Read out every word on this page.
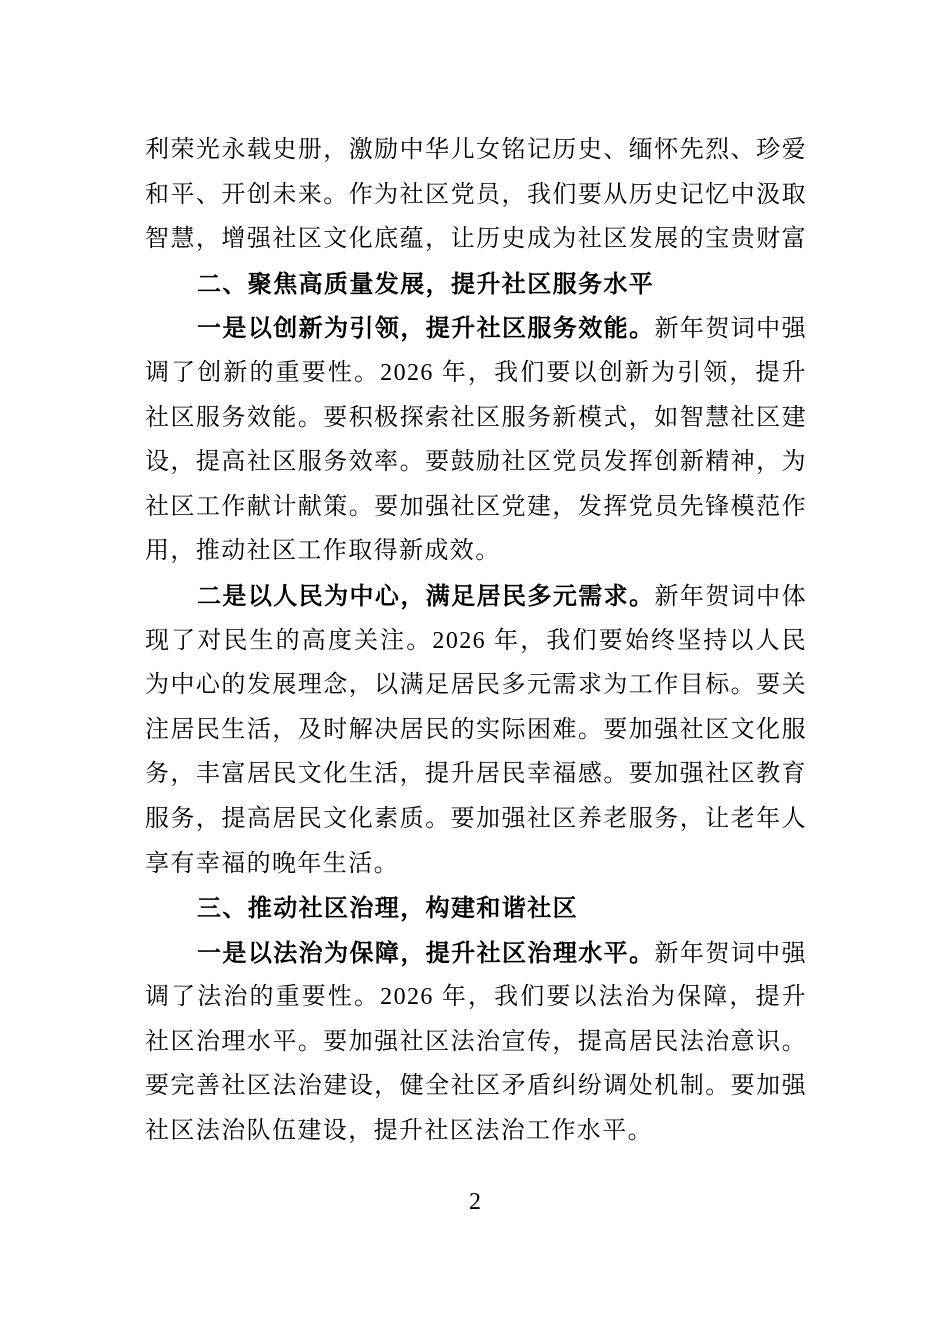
利荣光永载史册，激励中华儿女铭记历史、缅怀先烈、珍爱
和平、开创未来。作为社区党员，我们要从历史记忆中汲取
智慧，增强社区文化底蕴，让历史成为社区发展的宝贵财富
二、聚焦高质量发展，提升社区服务水平
一是以创新为引领，提升社区服务效能。新年贺词中强
调了创新的重要性。2026 年，我们要以创新为引领，提升
社区服务效能。要积极探索社区服务新模式，如智慧社区建
设，提高社区服务效率。要鼓励社区党员发挥创新精神，为
社区工作献计献策。要加强社区党建，发挥党员先锋模范作
用，推动社区工作取得新成效。
二是以人民为中心，满足居民多元需求。新年贺词中体
现了对民生的高度关注。2026 年，我们要始终坚持以人民
为中心的发展理念，以满足居民多元需求为工作目标。要关
注居民生活，及时解决居民的实际困难。要加强社区文化服
务，丰富居民文化生活，提升居民幸福感。要加强社区教育
服务，提高居民文化素质。要加强社区养老服务，让老年人
享有幸福的晚年生活。
三、推动社区治理，构建和谐社区
一是以法治为保障，提升社区治理水平。新年贺词中强
调了法治的重要性。2026 年，我们要以法治为保障，提升
社区治理水平。要加强社区法治宣传，提高居民法治意识。
要完善社区法治建设，健全社区矛盾纠纷调处机制。要加强
社区法治队伍建设，提升社区法治工作水平。
2
